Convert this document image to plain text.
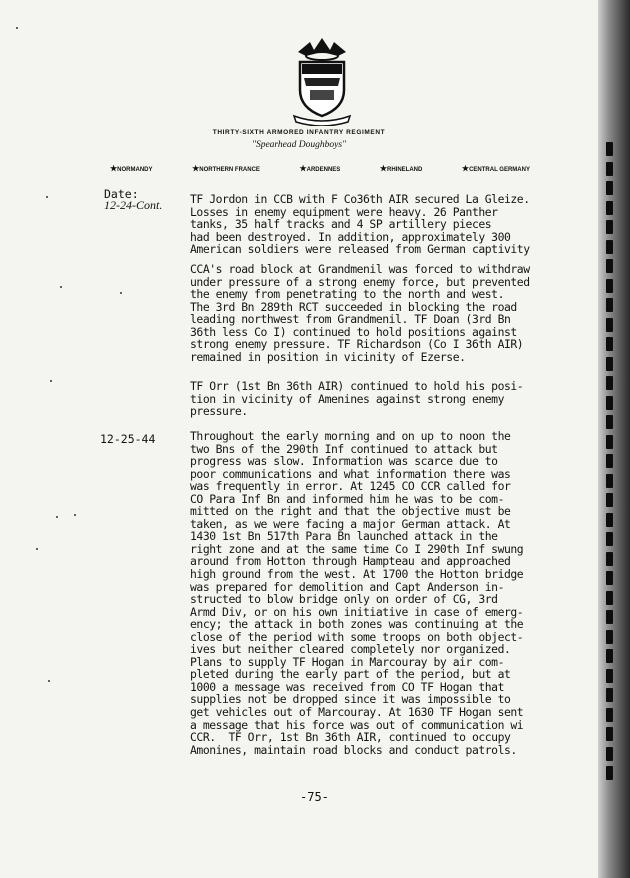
THIRTY-SIXTH ARMORED INFANTRY REGIMENT
"Spearhead Doughboys"
★ NORMANDY	★ NORTHERN FRANCE	★ ARDENNES	★ RHINELAND	★ CENTRAL GERMANY
Date:
12-24-Cont. TF Jordon in CCB with F Co36th AIR secured La Gleize.
Losses in enemy equipment were heavy. 26 Panther
tanks, 35 half tracks and 4 SP artillery pieces
had been destroyed. In addition, approximately 300
American soldiers were released from German captivity
CCA's road block at Grandmenil was forced to withdraw
under pressure of a strong enemy force, but prevented
the enemy from penetrating to the north and west.
The 3rd Bn 289th RCT succeeded in blocking the road
leading northwest from Grandmenil. TF Doan (3rd Bn
36th less Co I) continued to hold positions against
strong enemy pressure. TF Richardson (Co I 36th AIR)
remained in position in vicinity of Ezerse.
TF Orr (1st Bn 36th AIR) continued to hold his posi-
tion in vicinity of Amenines against strong enemy
pressure.
12-25-44	Throughout the early morning and on up to noon the
two Bns of the 290th Inf continued to attack but
progress was slow. Information was scarce due to
poor communications and what information there was
was frequently in error. At 1245 CO CCR called for
CO Para Inf Bn and informed him he was to be com-
mitted on the right and that the objective must be
taken, as we were facing a major German attack. At
1430 1st Bn 517th Para Bn launched attack in the
right zone and at the same time Co I 290th Inf swung
around from Hotton through Hampteau and approached
high ground from the west. At 1700 the Hotton bridge
was prepared for demolition and Capt Anderson in-
structed to blow bridge only on order of CG, 3rd
Armd Div, or on his own initiative in case of emerg-
ency; the attack in both zones was continuing at the
close of the period with some troops on both object-
ives but neither cleared completely nor organized.
Plans to supply TF Hogan in Marcouray by air com-
pleted during the early part of the period, but at
1000 a message was received from CO TF Hogan that
supplies not be dropped since it was impossible to
get vehicles out of Marcouray. At 1630 TF Hogan sent
a message that his force was out of communication wi
CCR.  TF Orr, 1st Bn 36th AIR, continued to occupy
Amonines, maintain road blocks and conduct patrols.
-75-
